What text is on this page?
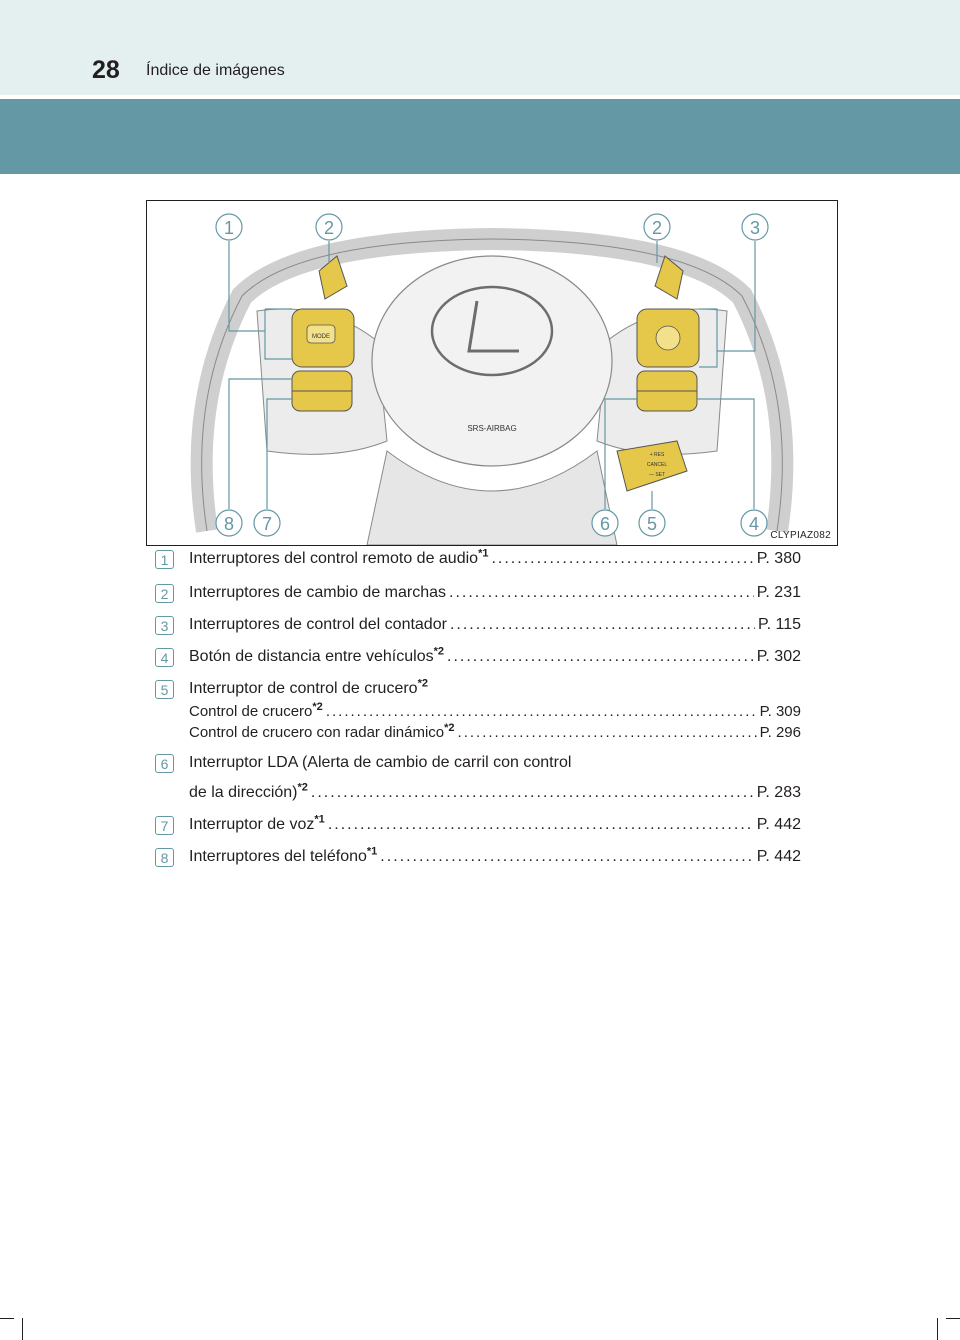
28 Índice de imágenes
SRS-AIRBAG
MODE
+ RES
CANCEL
— SET
1	2	2	3
8 7	6 5	4
CLYPIAZ082
1	Interruptores del control remoto de audio$^{*1}$ .....	P. 380
2	Interruptores de cambio de marchas .....	P. 231
3	Interruptores de control del contador .....	P. 115
4	Botón de distancia entre vehículos$^{*2}$ .....	P. 302
5	Interruptor de control de crucero$^{*2}$
Control de crucero$^{*2}$ .....	P. 309
Control de crucero con radar dinámico$^{*2}$ .....	P. 296
6	Interruptor LDA (Alerta de cambio de carril con control
de la dirección)$^{*2}$ .....	P. 283
7	Interruptor de voz$^{*1}$ .....	P. 442
8	Interruptores del teléfono$^{*1}$ .....	P. 442
